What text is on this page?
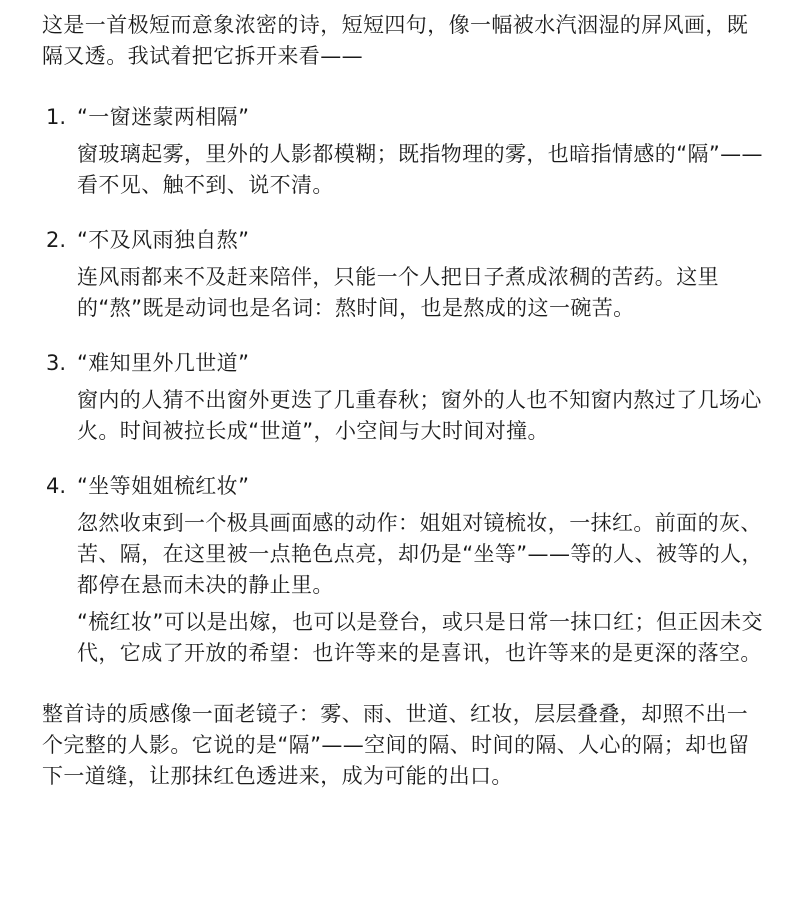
这是一首极短而意象浓密的诗，短短四句，像一幅被水汽洇湿的屏风画，既隔又透。我试着把它拆开来看——

1. “一窗迷蒙两相隔”

窗玻璃起雾，里外的人影都模糊；既指物理的雾，也暗指情感的“隔”——看不见、触不到、说不清。

2. “不及风雨独自熬”

连风雨都来不及赶来陪伴，只能一个人把日子煮成浓稠的苦药。这里的“熬”既是动词也是名词：熬时间，也是熬成的这一碗苦。

3. “难知里外几世道”

窗内的人猜不出窗外更迭了几重春秋；窗外的人也不知窗内熬过了几场心火。时间被拉长成“世道”，小空间与大时间对撞。

4. “坐等姐姐梳红妆”

忽然收束到一个极具画面感的动作：姐姐对镜梳妆，一抹红。前面的灰、苦、隔，在这里被一点艳色点亮，却仍是“坐等”——等的人、被等的人，都停在悬而未决的静止里。

“梳红妆”可以是出嫁，也可以是登台，或只是日常一抹口红；但正因未交代，它成了开放的希望：也许等来的是喜讯，也许等来的是更深的落空。

整首诗的质感像一面老镜子：雾、雨、世道、红妆，层层叠叠，却照不出一个完整的人影。它说的是“隔”——空间的隔、时间的隔、人心的隔；却也留下一道缝，让那抹红色透进来，成为可能的出口。
